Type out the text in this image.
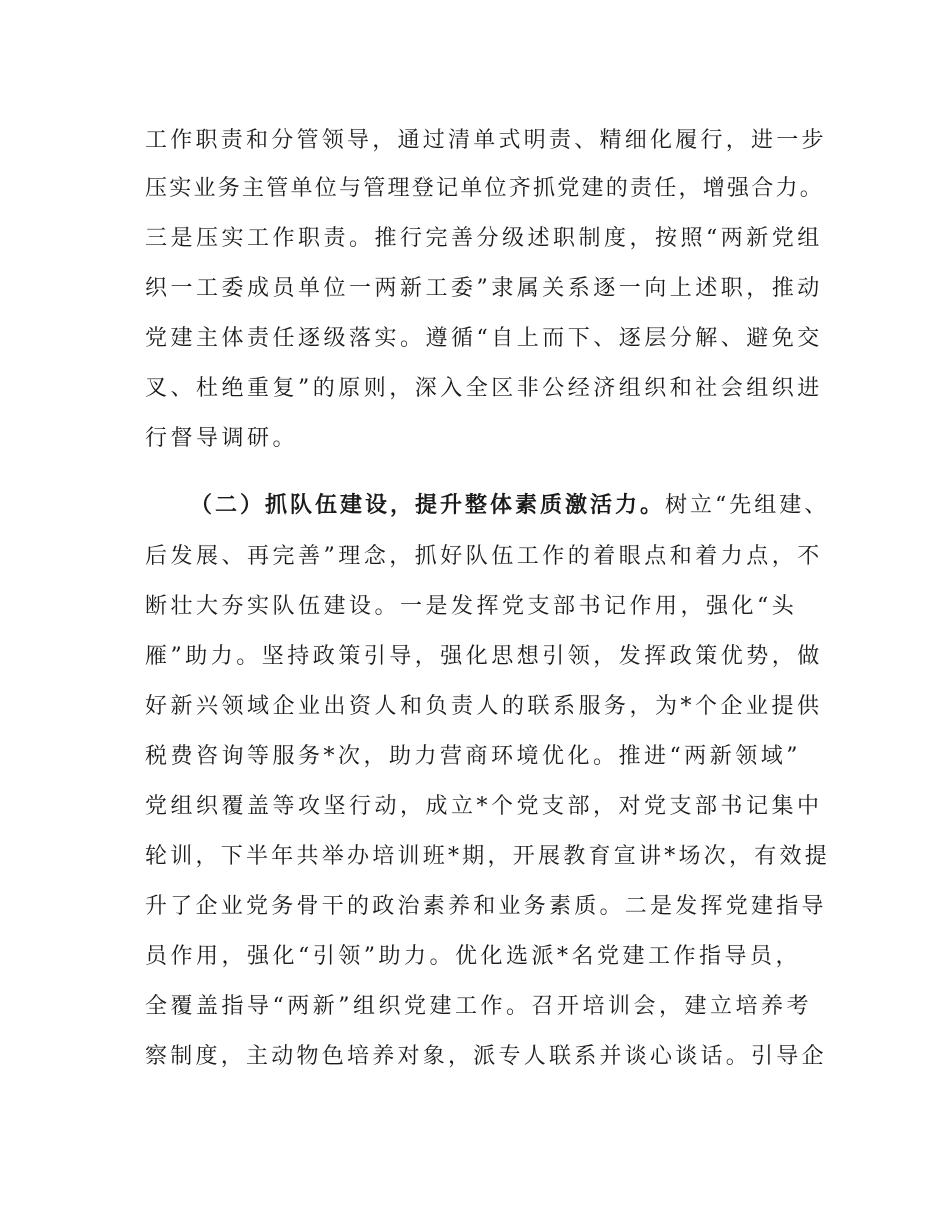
工作职责和分管领导，通过清单式明责、精细化履行，进一步
压实业务主管单位与管理登记单位齐抓党建的责任，增强合力。
三是压实工作职责。推行完善分级述职制度，按照“两新党组
织一工委成员单位一两新工委”隶属关系逐一向上述职，推动
党建主体责任逐级落实。遵循“自上而下、逐层分解、避免交
叉、杜绝重复”的原则，深入全区非公经济组织和社会组织进
行督导调研。
（二）抓队伍建设，提升整体素质激活力。树立“先组建、
后发展、再完善”理念，抓好队伍工作的着眼点和着力点，不
断壮大夯实队伍建设。一是发挥党支部书记作用，强化“头
雁”助力。坚持政策引导，强化思想引领，发挥政策优势，做
好新兴领域企业出资人和负责人的联系服务，为*个企业提供
税费咨询等服务*次，助力营商环境优化。推进“两新领域”
党组织覆盖等攻坚行动，成立*个党支部，对党支部书记集中
轮训，下半年共举办培训班*期，开展教育宣讲*场次，有效提
升了企业党务骨干的政治素养和业务素质。二是发挥党建指导
员作用，强化“引领”助力。优化选派*名党建工作指导员，
全覆盖指导“两新”组织党建工作。召开培训会，建立培养考
察制度，主动物色培养对象，派专人联系并谈心谈话。引导企
